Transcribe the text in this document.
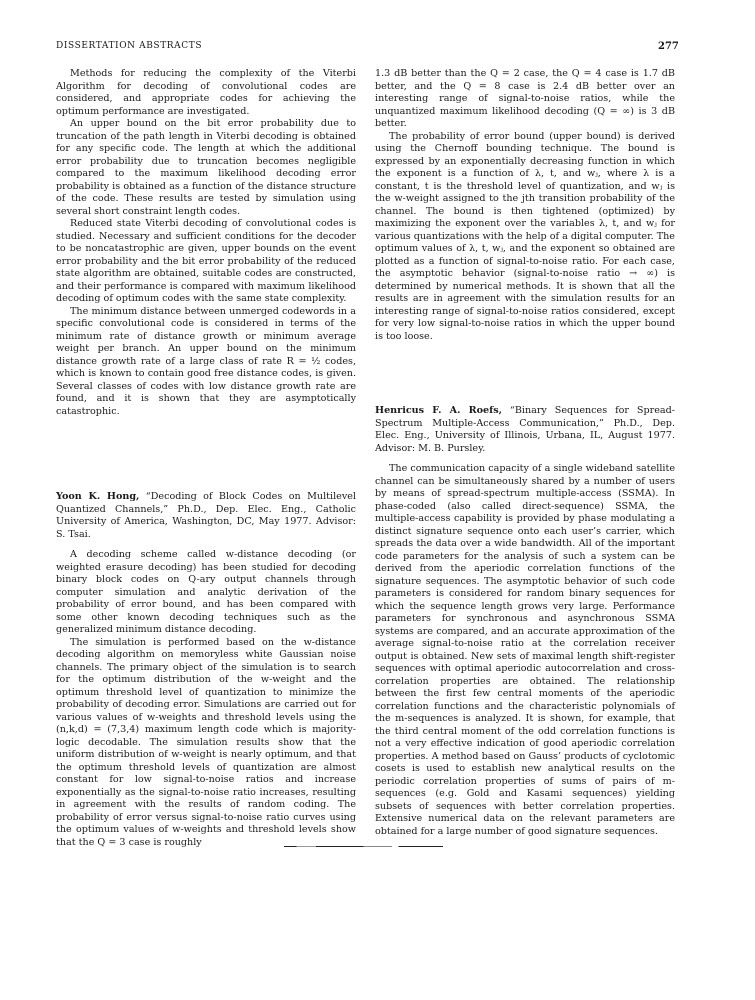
DISSERTATION ABSTRACTS	277

Methods for reducing the complexity of the Viterbi Algorithm for decoding of convolutional codes are considered, and appropriate codes for achieving the optimum performance are investigated.

An upper bound on the bit error probability due to truncation of the path length in Viterbi decoding is obtained for any specific code. The length at which the additional error probability due to truncation becomes negligible compared to the maximum likelihood decoding error probability is obtained as a function of the distance structure of the code. These results are tested by simulation using several short constraint length codes.

Reduced state Viterbi decoding of convolutional codes is studied. Necessary and sufficient conditions for the decoder to be noncatastrophic are given, upper bounds on the event error probability and the bit error probability of the reduced state algorithm are obtained, suitable codes are constructed, and their performance is compared with maximum likelihood decoding of optimum codes with the same state complexity.

The minimum distance between unmerged codewords in a specific convolutional code is considered in terms of the minimum rate of distance growth or minimum average weight per branch. An upper bound on the minimum distance growth rate of a large class of rate R = ½ codes, which is known to contain good free distance codes, is given. Several classes of codes with low distance growth rate are found, and it is shown that they are asymptotically catastrophic.

Yoon K. Hong, “Decoding of Block Codes on Multilevel Quantized Channels,” Ph.D., Dep. Elec. Eng., Catholic University of America, Washington, DC, May 1977. Advisor: S. Tsai.

A decoding scheme called w-distance decoding (or weighted erasure decoding) has been studied for decoding binary block codes on Q-ary output channels through computer simulation and analytic derivation of the probability of error bound, and has been compared with some other known decoding techniques such as the generalized minimum distance decoding.

The simulation is performed based on the w-distance decoding algorithm on memoryless white Gaussian noise channels. The primary object of the simulation is to search for the optimum distribution of the w-weight and the optimum threshold level of quantization to minimize the probability of decoding error. Simulations are carried out for various values of w-weights and threshold levels using the (n,k,d) = (7,3,4) maximum length code which is majority-logic decodable. The simulation results show that the uniform distribution of w-weight is nearly optimum, and that the optimum threshold levels of quantization are almost constant for low signal-to-noise ratios and increase exponentially as the signal-to-noise ratio increases, resulting in agreement with the results of random coding. The probability of error versus signal-to-noise ratio curves using the optimum values of w-weights and threshold levels show that the Q = 3 case is roughly

1.3 dB better than the Q = 2 case, the Q = 4 case is 1.7 dB better, and the Q = 8 case is 2.4 dB better over an interesting range of signal-to-noise ratios, while the unquantized maximum likelihood decoding (Q = ∞) is 3 dB better.

The probability of error bound (upper bound) is derived using the Chernoff bounding technique. The bound is expressed by an exponentially decreasing function in which the exponent is a function of λ, t, and wⱼ, where λ is a constant, t is the threshold level of quantization, and wⱼ is the w-weight assigned to the jth transition probability of the channel. The bound is then tightened (optimized) by maximizing the exponent over the variables λ, t, and wⱼ for various quantizations with the help of a digital computer. The optimum values of λ, t, wⱼ, and the exponent so obtained are plotted as a function of signal-to-noise ratio. For each case, the asymptotic behavior (signal-to-noise ratio → ∞) is determined by numerical methods. It is shown that all the results are in agreement with the simulation results for an interesting range of signal-to-noise ratios considered, except for very low signal-to-noise ratios in which the upper bound is too loose.

Henricus F. A. Roefs, “Binary Sequences for Spread-Spectrum Multiple-Access Communication,” Ph.D., Dep. Elec. Eng., University of Illinois, Urbana, IL, August 1977. Advisor: M. B. Pursley.

The communication capacity of a single wideband satellite channel can be simultaneously shared by a number of users by means of spread-spectrum multiple-access (SSMA). In phase-coded (also called direct-sequence) SSMA, the multiple-access capability is provided by phase modulating a distinct signature sequence onto each user’s carrier, which spreads the data over a wide bandwidth. All of the important code parameters for the analysis of such a system can be derived from the aperiodic correlation functions of the signature sequences. The asymptotic behavior of such code parameters is considered for random binary sequences for which the sequence length grows very large. Performance parameters for synchronous and asynchronous SSMA systems are compared, and an accurate approximation of the average signal-to-noise ratio at the correlation receiver output is obtained. New sets of maximal length shift-register sequences with optimal aperiodic autocorrelation and cross-correlation properties are obtained. The relationship between the first few central moments of the aperiodic correlation functions and the characteristic polynomials of the m-sequences is analyzed. It is shown, for example, that the third central moment of the odd correlation functions is not a very effective indication of good aperiodic correlation properties. A method based on Gauss’ products of cyclotomic cosets is used to establish new analytical results on the periodic correlation properties of sums of pairs of m-sequences (e.g. Gold and Kasami sequences) yielding subsets of sequences with better correlation properties. Extensive numerical data on the relevant parameters are obtained for a large number of good signature sequences.
